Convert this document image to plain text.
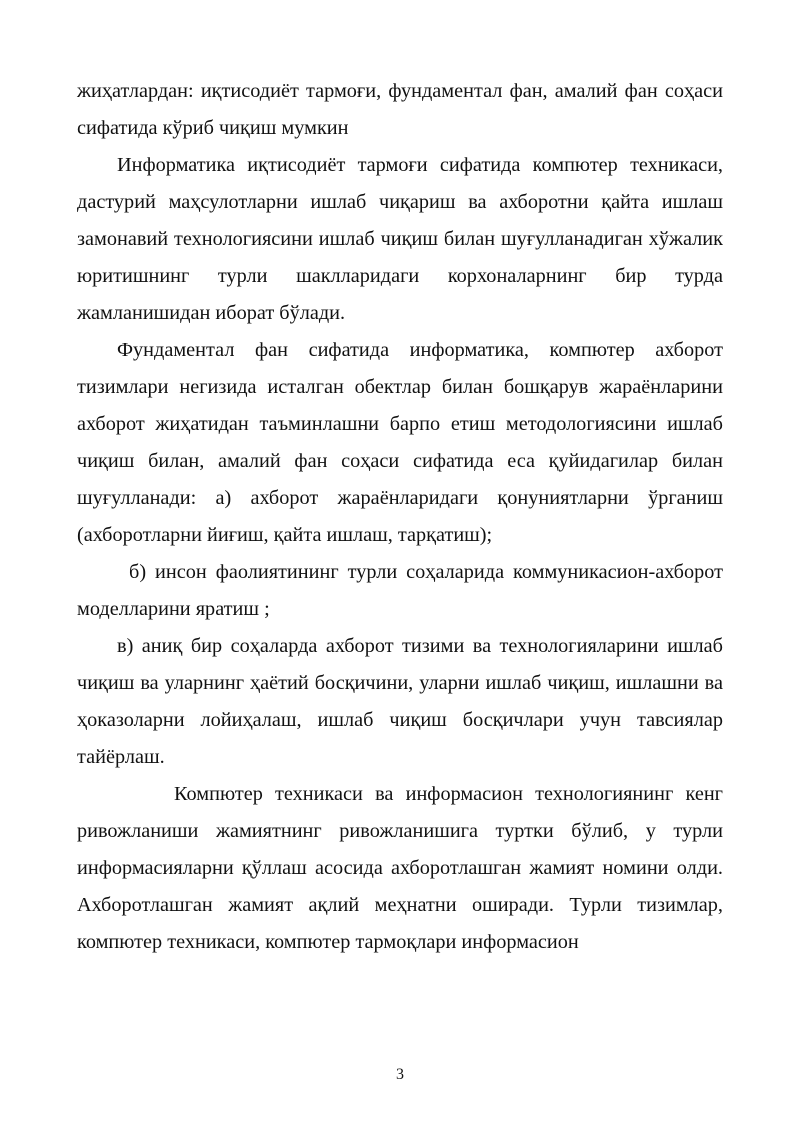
жиҳатлардан: иқтисодиёт тармоғи, фундаментал фан, амалий фан соҳаси сифатида кўриб чиқиш мумкин

Информатика иқтисодиёт тармоғи сифатида компютер техникаси, дастурий маҳсулотларни ишлаб чиқариш ва ахборотни қайта ишлаш замонавий технологиясини ишлаб чиқиш билан шуғулланадиган хўжалик юритишнинг турли шаклларидаги корхоналарнинг бир турда жамланишидан иборат бўлади.

Фундаментал фан сифатида информатика, компютер ахборот тизимлари негизида исталган обектлар билан бошқарув жараёнларини ахборот жиҳатидан таъминлашни барпо етиш методологиясини ишлаб чиқиш билан, амалий фан соҳаси сифатида еса қуйидагилар билан шуғулланади: а) ахборот жараёнларидаги қонуниятларни ўрганиш (ахборотларни йиғиш, қайта ишлаш, тарқатиш);

б) инсон фаолиятининг турли соҳаларида коммуникасион-ахборот моделларини яратиш ;

в) аниқ бир соҳаларда ахборот тизими ва технологияларини ишлаб чиқиш ва уларнинг ҳаётий босқичини, уларни ишлаб чиқиш, ишлашни ва ҳоказоларни лойиҳалаш, ишлаб чиқиш босқичлари учун тавсиялар тайёрлаш.

Компютер техникаси ва информасион технологиянинг кенг ривожланиши жамиятнинг ривожланишига туртки бўлиб, у турли информасияларни қўллаш асосида ахборотлашган жамият номини олди. Ахборотлашган жамият ақлий меҳнатни оширади. Турли тизимлар, компютер техникаси, компютер тармоқлари информасион

3
